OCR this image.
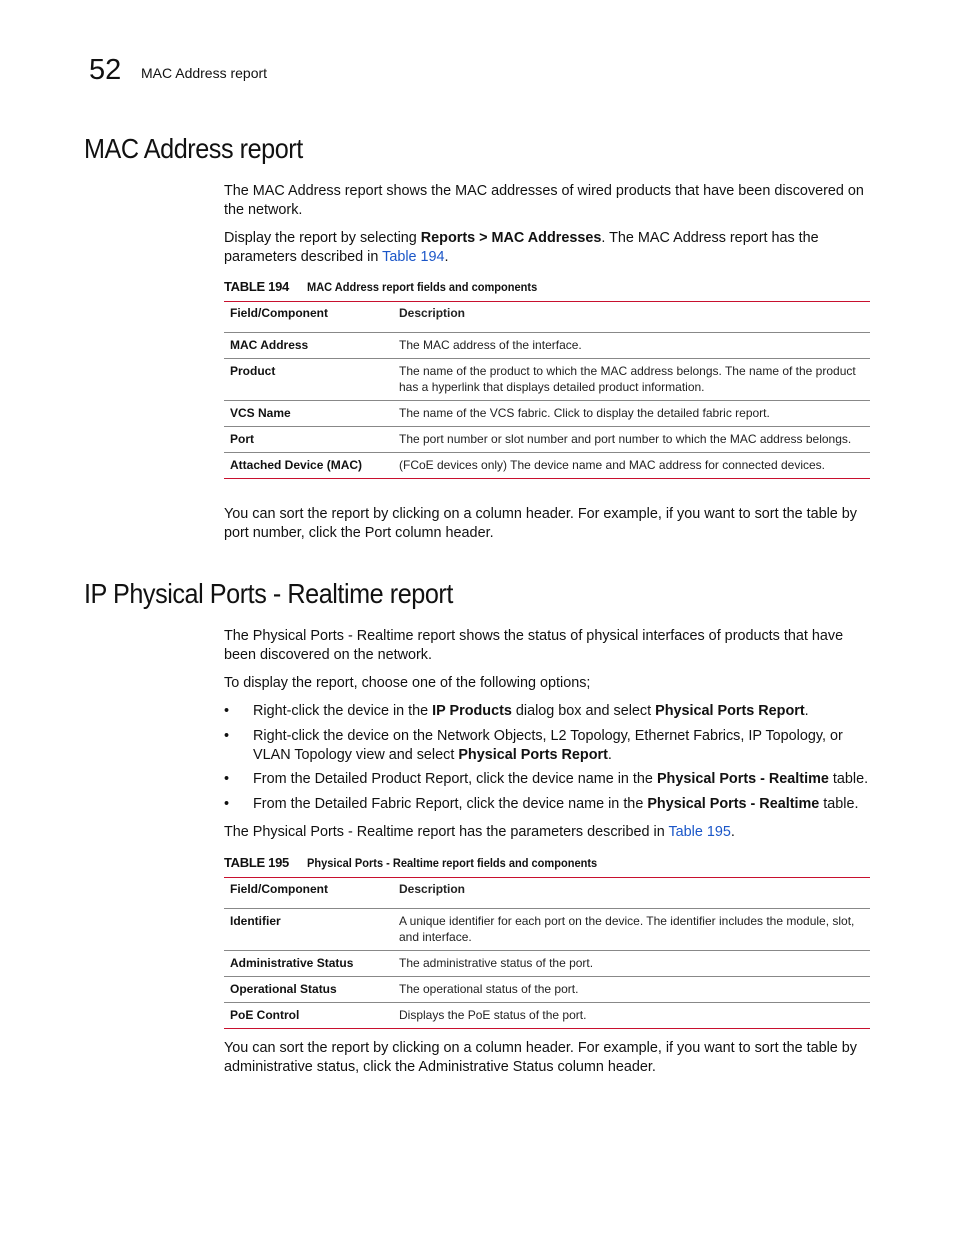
52 MAC Address report
MAC Address report

The MAC Address report shows the MAC addresses of wired products that have been discovered on the network.

Display the report by selecting Reports > MAC Addresses. The MAC Address report has the parameters described in Table 194.

TABLE 194 MAC Address report fields and components
Field/Component	Description
MAC Address	The MAC address of the interface.
Product	The name of the product to which the MAC address belongs. The name of the product has a hyperlink that displays detailed product information.
VCS Name	The name of the VCS fabric. Click to display the detailed fabric report.
Port	The port number or slot number and port number to which the MAC address belongs.
Attached Device (MAC)	(FCoE devices only) The device name and MAC address for connected devices.

You can sort the report by clicking on a column header. For example, if you want to sort the table by port number, click the Port column header.

IP Physical Ports - Realtime report

The Physical Ports - Realtime report shows the status of physical interfaces of products that have been discovered on the network.

To display the report, choose one of the following options;

• Right-click the device in the IP Products dialog box and select Physical Ports Report.
• Right-click the device on the Network Objects, L2 Topology, Ethernet Fabrics, IP Topology, or VLAN Topology view and select Physical Ports Report.
• From the Detailed Product Report, click the device name in the Physical Ports - Realtime table.
• From the Detailed Fabric Report, click the device name in the Physical Ports - Realtime table.

The Physical Ports - Realtime report has the parameters described in Table 195.

TABLE 195 Physical Ports - Realtime report fields and components
Field/Component	Description
Identifier	A unique identifier for each port on the device. The identifier includes the module, slot, and interface.
Administrative Status	The administrative status of the port.
Operational Status	The operational status of the port.
PoE Control	Displays the PoE status of the port.

You can sort the report by clicking on a column header. For example, if you want to sort the table by administrative status, click the Administrative Status column header.
